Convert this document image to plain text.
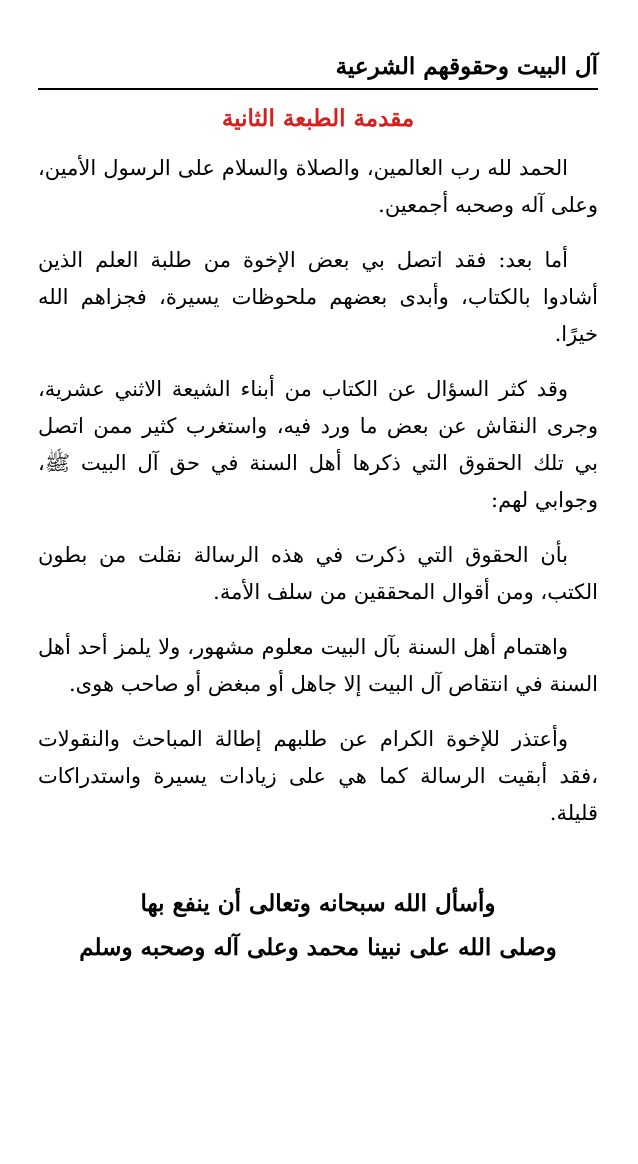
آل البيت وحقوقهم الشرعية
مقدمة الطبعة الثانية

الحمد لله رب العالمين، والصلاة والسلام على الرسول الأمين، وعلى آله وصحبه أجمعين.

أما بعد: فقد اتصل بي بعض الإخوة من طلبة العلم الذين أشادوا بالكتاب، وأبدى بعضهم ملحوظات يسيرة، فجزاهم الله خيرًا.

وقد كثر السؤال عن الكتاب من أبناء الشيعة الاثني عشرية، وجرى النقاش عن بعض ما ورد فيه، واستغرب كثير ممن اتصل بي تلك الحقوق التي ذكرها أهل السنة في حق آل البيت ﷺ، وجوابي لهم:

بأن الحقوق التي ذكرت في هذه الرسالة نقلت من بطون الكتب، ومن أقوال المحققين من سلف الأمة.

واهتمام أهل السنة بآل البيت معلوم مشهور، ولا يلمز أحد أهل السنة في انتقاص آل البيت إلا جاهل أو مبغض أو صاحب هوى.

وأعتذر للإخوة الكرام عن طلبهم إطالة المباحث والنقولات ،فقد أبقيت الرسالة كما هي على زيادات يسيرة واستدراكات قليلة.

وأسأل الله سبحانه وتعالى أن ينفع بها

وصلى الله على نبينا محمد وعلى آله وصحبه وسلم
